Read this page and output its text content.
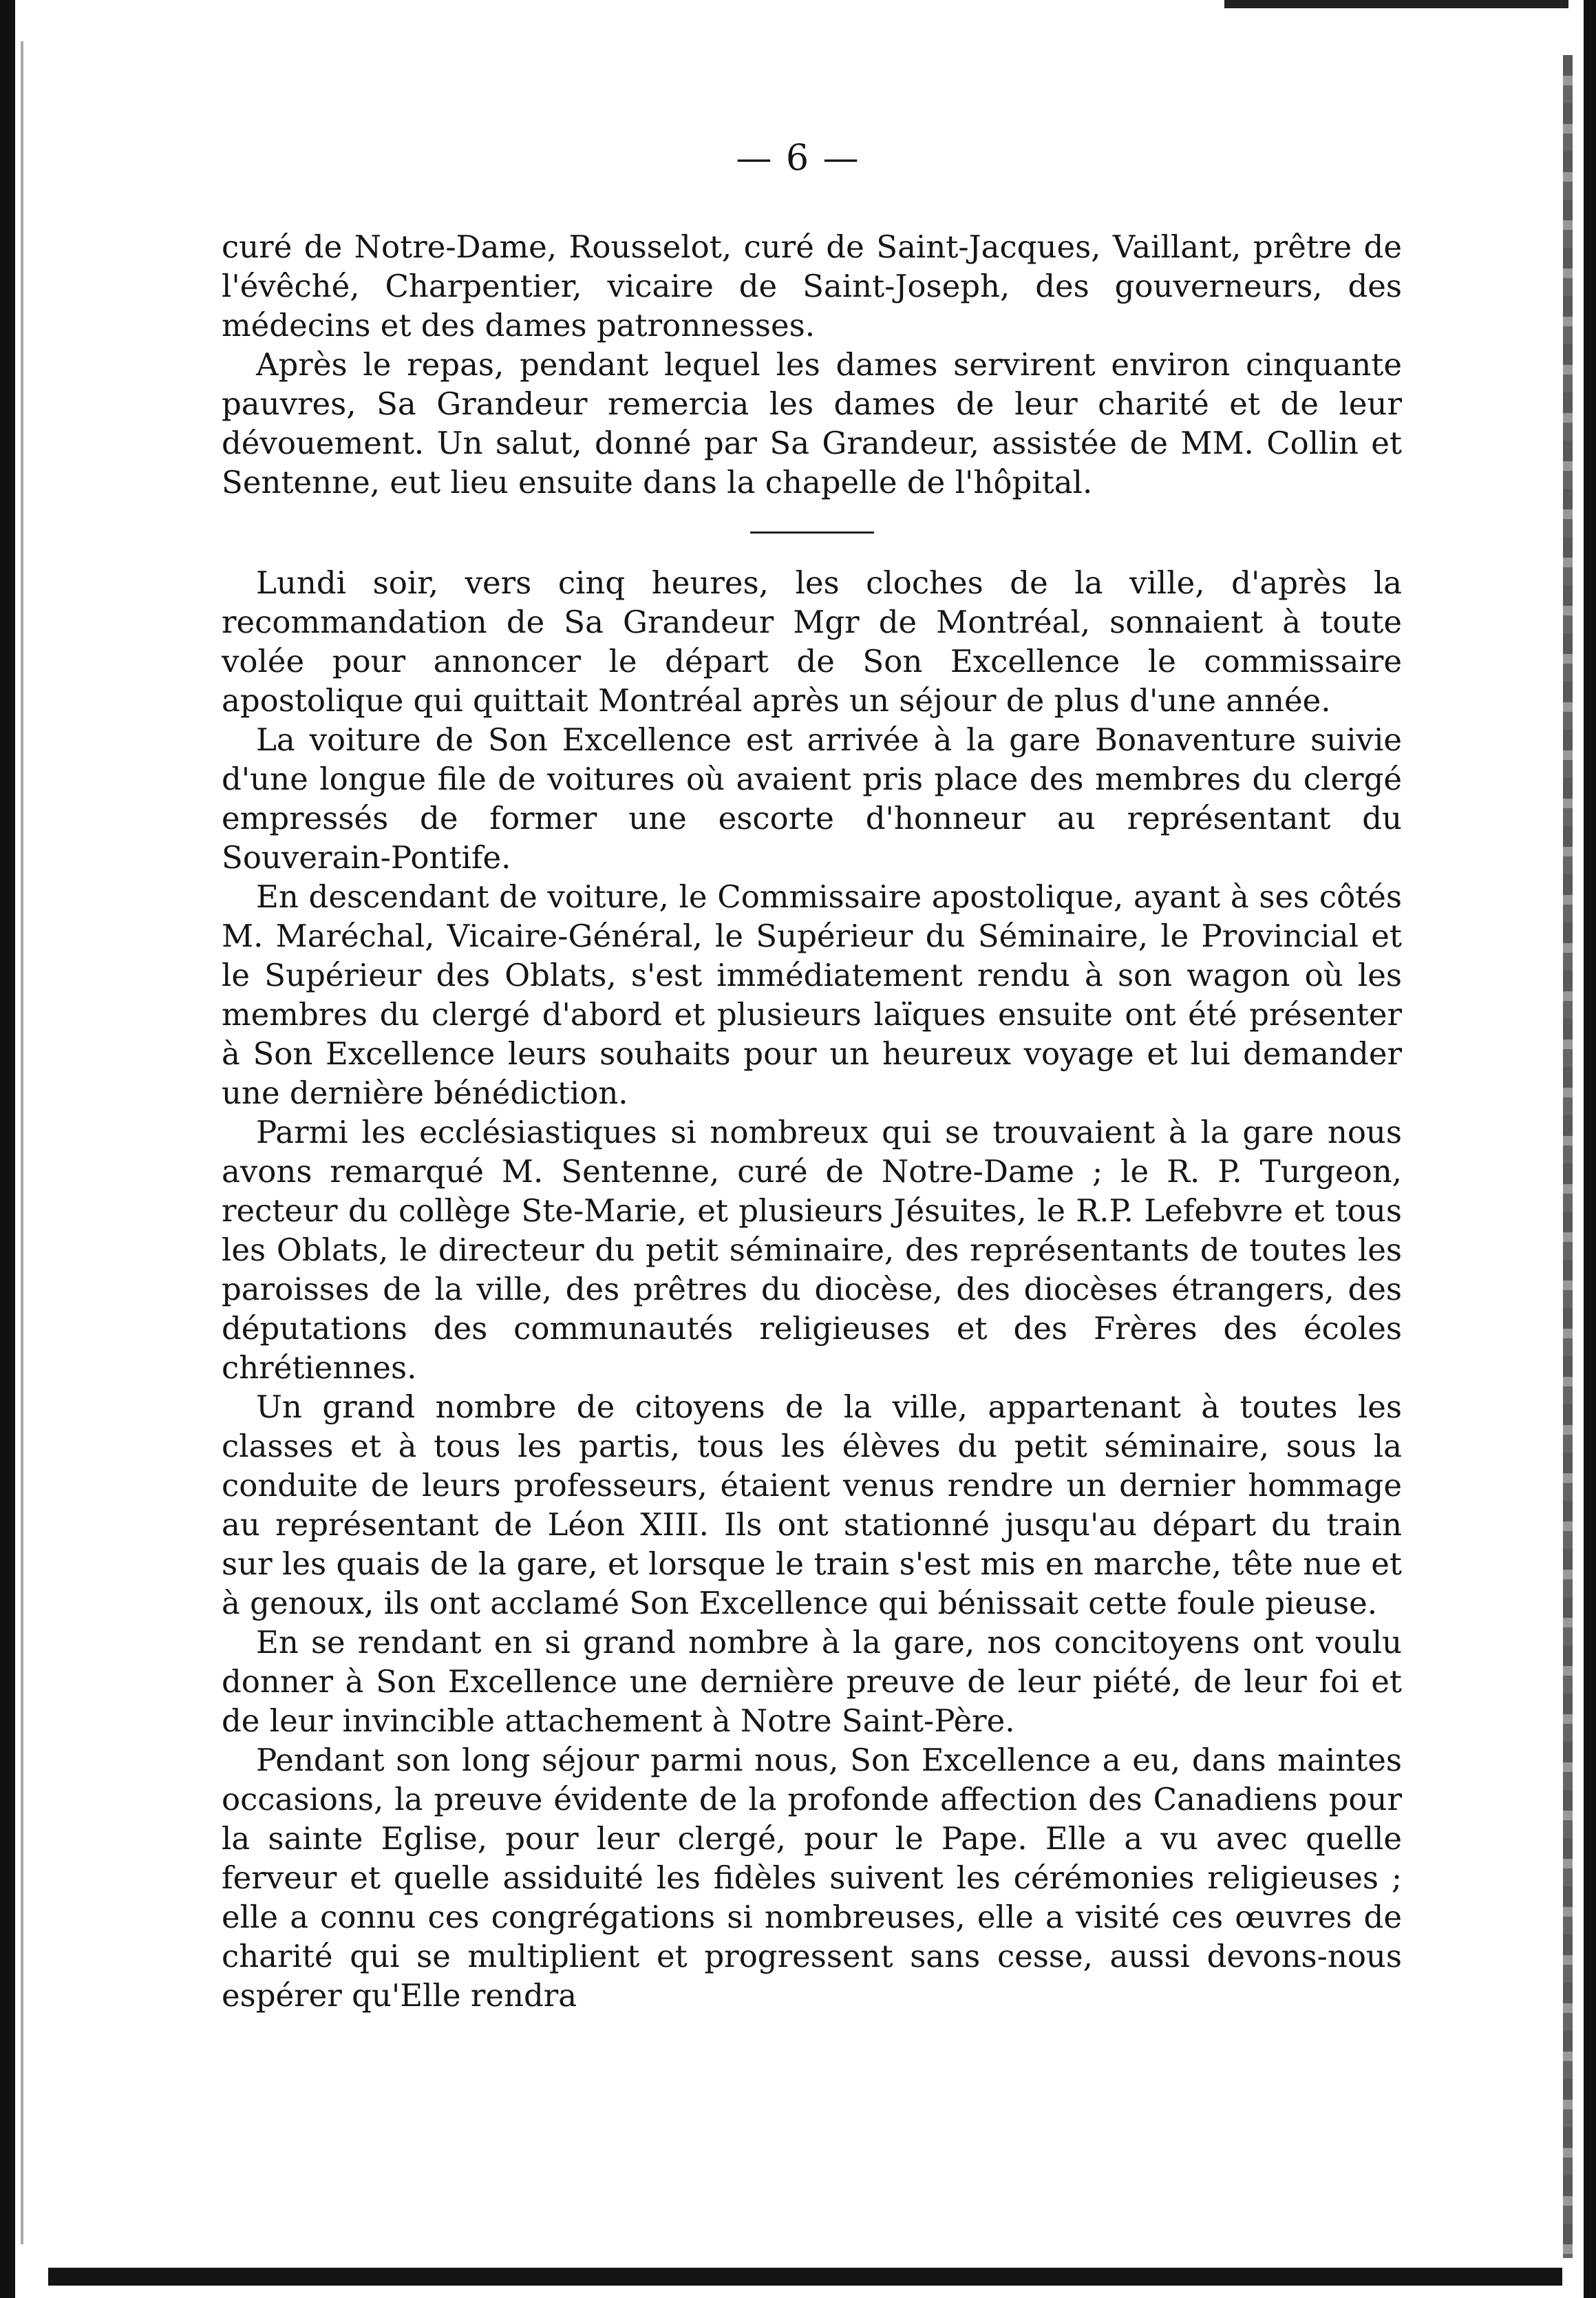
— 6 —

curé de Notre-Dame, Rousselot, curé de Saint-Jacques, Vaillant, prêtre de l'évêché, Charpentier, vicaire de Saint-Joseph, des gouverneurs, des médecins et des dames patronnesses.

Après le repas, pendant lequel les dames servirent environ cinquante pauvres, Sa Grandeur remercia les dames de leur charité et de leur dévouement. Un salut, donné par Sa Grandeur, assistée de MM. Collin et Sentenne, eut lieu ensuite dans la chapelle de l'hôpital.

Lundi soir, vers cinq heures, les cloches de la ville, d'après la recommandation de Sa Grandeur Mgr de Montréal, sonnaient à toute volée pour annoncer le départ de Son Excellence le commissaire apostolique qui quittait Montréal après un séjour de plus d'une année.

La voiture de Son Excellence est arrivée à la gare Bonaventure suivie d'une longue file de voitures où avaient pris place des membres du clergé empressés de former une escorte d'honneur au représentant du Souverain-Pontife.

En descendant de voiture, le Commissaire apostolique, ayant à ses côtés M. Maréchal, Vicaire-Général, le Supérieur du Séminaire, le Provincial et le Supérieur des Oblats, s'est immédiatement rendu à son wagon où les membres du clergé d'abord et plusieurs laïques ensuite ont été présenter à Son Excellence leurs souhaits pour un heureux voyage et lui demander une dernière bénédiction.

Parmi les ecclésiastiques si nombreux qui se trouvaient à la gare nous avons remarqué M. Sentenne, curé de Notre-Dame ; le R. P. Turgeon, recteur du collège Ste-Marie, et plusieurs Jésuites, le R.P. Lefebvre et tous les Oblats, le directeur du petit séminaire, des représentants de toutes les paroisses de la ville, des prêtres du diocèse, des diocèses étrangers, des députations des communautés religieuses et des Frères des écoles chrétiennes.

Un grand nombre de citoyens de la ville, appartenant à toutes les classes et à tous les partis, tous les élèves du petit séminaire, sous la conduite de leurs professeurs, étaient venus rendre un dernier hommage au représentant de Léon XIII. Ils ont stationné jusqu'au départ du train sur les quais de la gare, et lorsque le train s'est mis en marche, tête nue et à genoux, ils ont acclamé Son Excellence qui bénissait cette foule pieuse.

En se rendant en si grand nombre à la gare, nos concitoyens ont voulu donner à Son Excellence une dernière preuve de leur piété, de leur foi et de leur invincible attachement à Notre Saint-Père.

Pendant son long séjour parmi nous, Son Excellence a eu, dans maintes occasions, la preuve évidente de la profonde affection des Canadiens pour la sainte Eglise, pour leur clergé, pour le Pape. Elle a vu avec quelle ferveur et quelle assiduité les fidèles suivent les cérémonies religieuses ; elle a connu ces congrégations si nombreuses, elle a visité ces œuvres de charité qui se multiplient et progressent sans cesse, aussi devons-nous espérer qu'Elle rendra
